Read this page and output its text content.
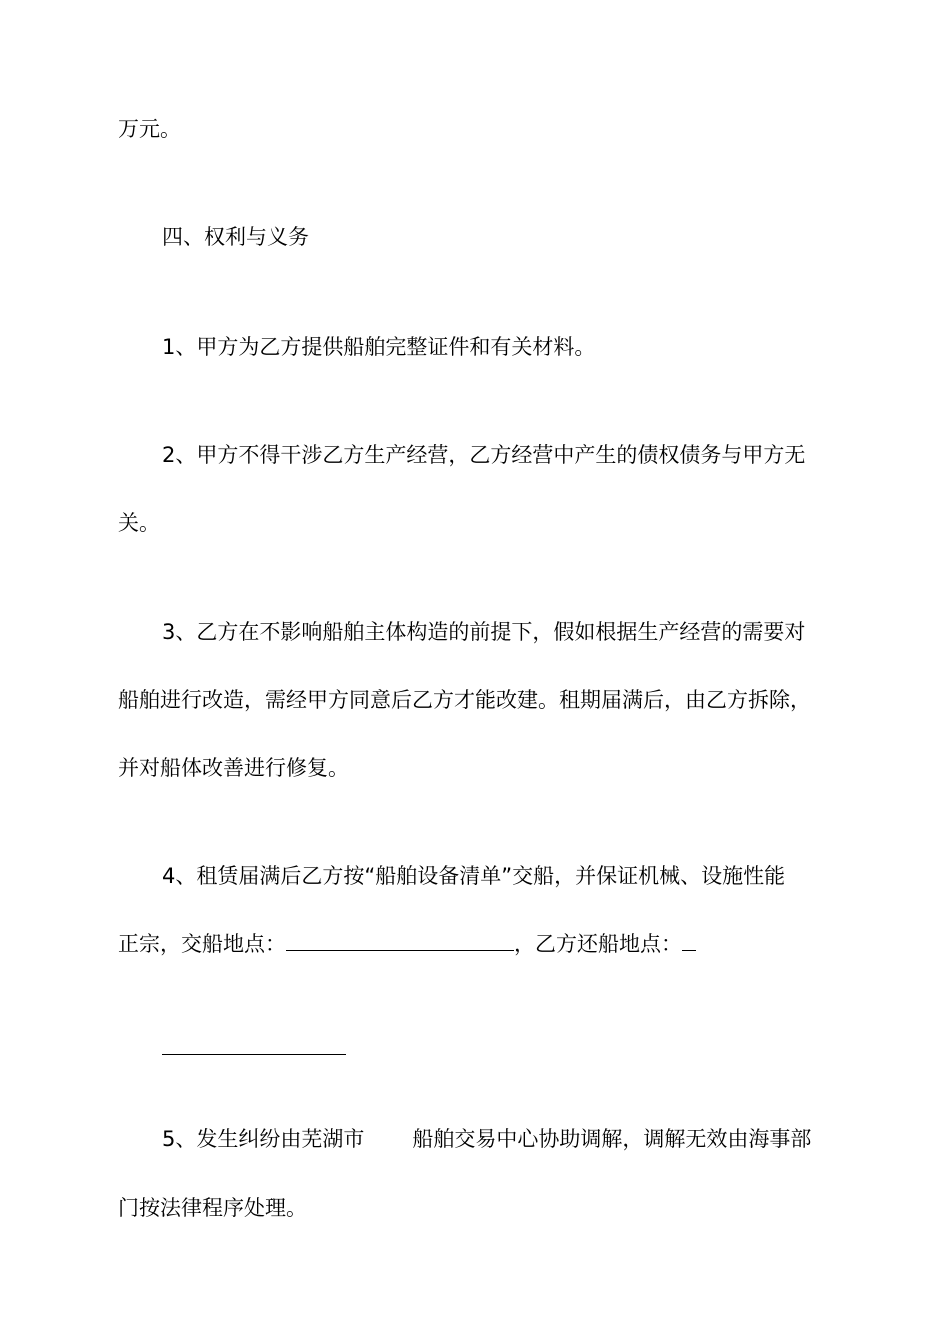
万元。
四、权利与义务
1、甲方为乙方提供船舶完整证件和有关材料。
2、甲方不得干涉乙方生产经营，乙方经营中产生的债权债务与甲方无
关。
3、乙方在不影响船舶主体构造的前提下，假如根据生产经营的需要对
船舶进行改造，需经甲方同意后乙方才能改建。租期届满后，由乙方拆除，
并对船体改善进行修复。
4、租赁届满后乙方按“船舶设备清单”交船，并保证机械、设施性能
正宗，交船地点：	，乙方还船地点：
5、发生纠纷由芜湖市 船舶交易中心协助调解，调解无效由海事部
门按法律程序处理。
